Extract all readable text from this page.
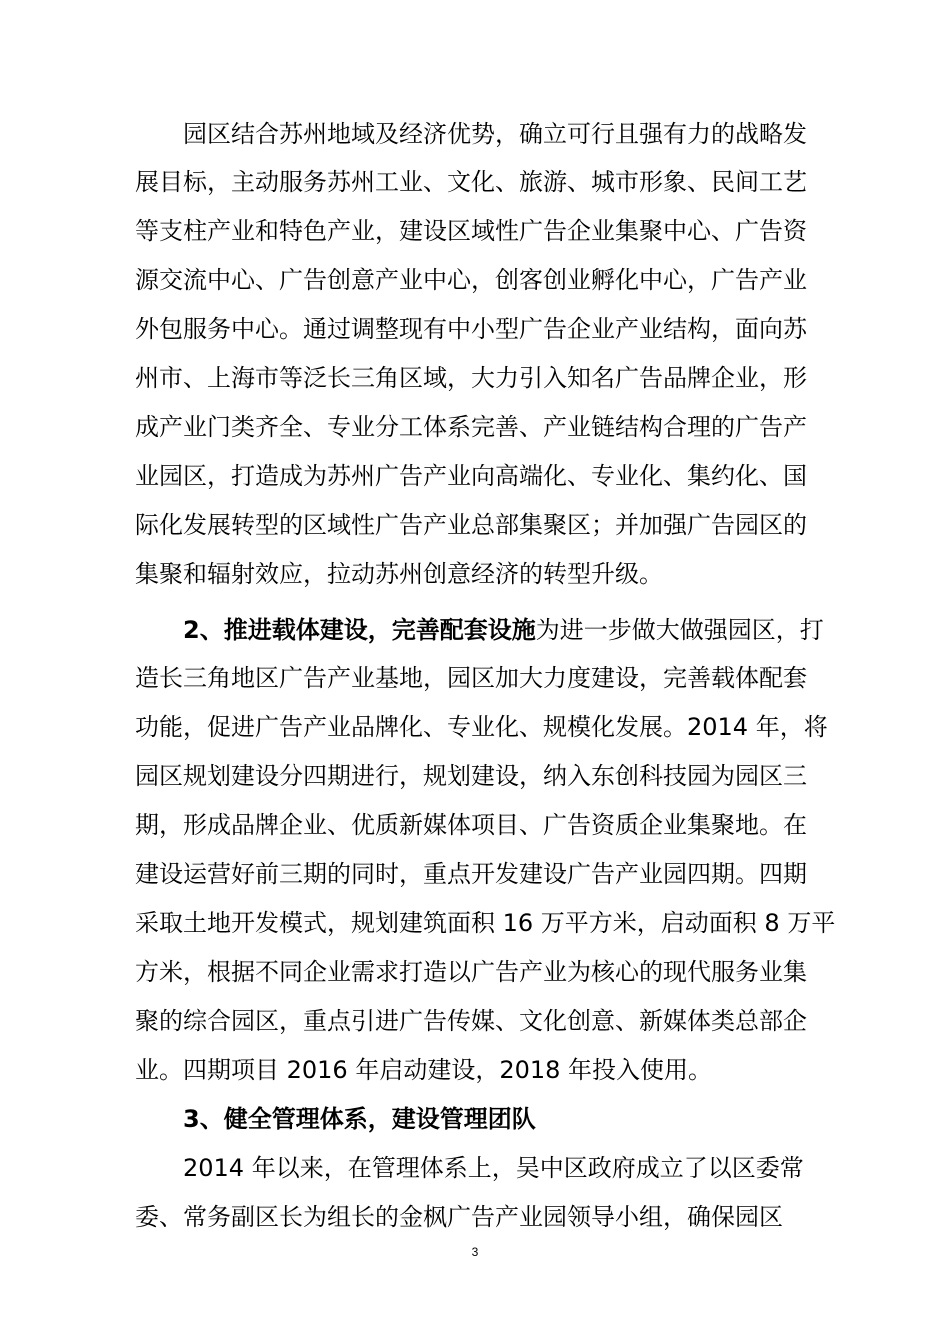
园区结合苏州地域及经济优势，确立可行且强有力的战略发
展目标，主动服务苏州工业、文化、旅游、城市形象、民间工艺
等支柱产业和特色产业，建设区域性广告企业集聚中心、广告资
源交流中心、广告创意产业中心，创客创业孵化中心，广告产业
外包服务中心。通过调整现有中小型广告企业产业结构，面向苏
州市、上海市等泛长三角区域，大力引入知名广告品牌企业，形
成产业门类齐全、专业分工体系完善、产业链结构合理的广告产
业园区，打造成为苏州广告产业向高端化、专业化、集约化、国
际化发展转型的区域性广告产业总部集聚区；并加强广告园区的
集聚和辐射效应，拉动苏州创意经济的转型升级。
2、推进载体建设，完善配套设施为进一步做大做强园区，打
造长三角地区广告产业基地，园区加大力度建设，完善载体配套
功能，促进广告产业品牌化、专业化、规模化发展。2014 年，将
园区规划建设分四期进行，规划建设，纳入东创科技园为园区三
期，形成品牌企业、优质新媒体项目、广告资质企业集聚地。在
建设运营好前三期的同时，重点开发建设广告产业园四期。四期
采取土地开发模式，规划建筑面积 16 万平方米，启动面积 8 万平
方米，根据不同企业需求打造以广告产业为核心的现代服务业集
聚的综合园区，重点引进广告传媒、文化创意、新媒体类总部企
业。四期项目 2016 年启动建设，2018 年投入使用。
3、健全管理体系，建设管理团队
2014 年以来，在管理体系上，吴中区政府成立了以区委常
委、常务副区长为组长的金枫广告产业园领导小组，确保园区
3
